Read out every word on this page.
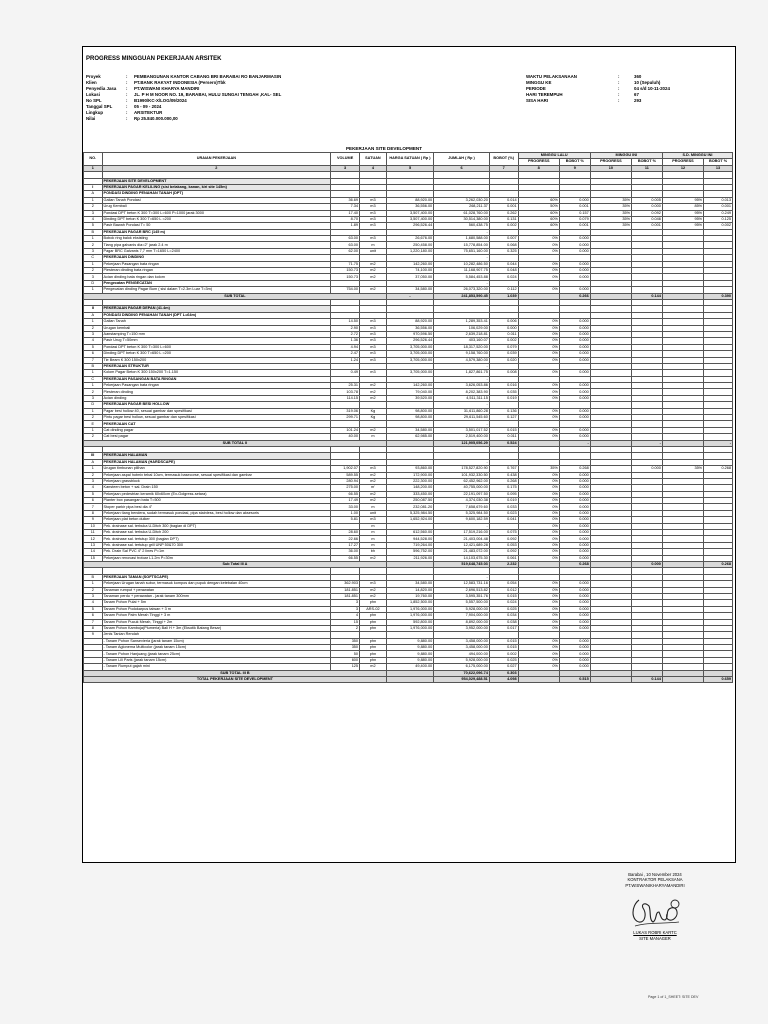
PROGRESS MINGGUAN PEKERJAAN ARSITEK
Proyek	:	PEMBANGUNAN KANTOR CABANG BRI BARABAI RO BANJARMASIN
Klien	:	PT.BANK RAKYAT INDONESIA (Persero)Tbk
Penyedia Jasa	:	PT.WISWANI KHARYA MANDIRI
Lokasi	:	JL. P H M NOOR NO. 19, BARABAI, HULU SUNGAI TENGAH ,KAL- SEL
No SPL	:	B1990/KC-X/LOG/09/2024
Tanggal SPL	:	05 - 09 - 2024
Lingkup	:	ARSITEKTUR
Nilai	:	Rp 25.840.000.000,00
WAKTU PELAKSANAAN	:	360
MINGGU KE	:	10 (Sepuluh)
PERIODE	:	04 s/d 10-11-2024
HARI TEREMPUH	:	67
SISA HARI	:	293
PEKERJAAN SITE DEVELOPMENT
NO.	URAIAN PEKERJAAN	VOLUME	SATUAN	HARGA SATUAN ( Rp )	JUMLAH ( Rp )	BOBOT (%)	MINGGU LALU		MINGGU INI		S.D. MINGGU INI	
							PROGRESS	BOBOT %	PROGRESS	BOBOT %	PROGRESS	BOBOT %
1	2	3	4	5	6	7	8	9	10	11	12	13

	PEKERJAAN SITE DEVELOPMENT											
I	PEKERJAAN PAGAR KELILING (sisi belakang, kanan, kiri site 145m)											
A	PONDASI DINDING PENAHAN TANAH (DPT)											
1	Galian Tanah Pondasi	36.69	m3	88,920.00	3,262,030.20	0.014	60%	0.000	35%	0.005	95%	0.013
2	Urug Kembali	7.34	m3	36,556.00	268,211.37	0.001	50%	0.001	35%	0.000	85%	0.001
3	Pondasi DPT beton K 300 T=300 L=600 P=1000 jarak 3000	17.40	m3	3,507,400.00	61,028,760.00	0.262	60%	0.157	35%	0.092	95%	0.249
4	Dinding DPT beton K 300 T=650 L =200	8.70	m3	3,507,400.00	30,514,380.00	0.131	60%	0.079	35%	0.046	95%	0.125
5	Pasir Bawah Pondasi T= 50	1.89	m3	296,526.44	560,438.75	0.002	60%	0.001	35%	0.001	95%	0.002
B	PEKERJAAN PAGAR BRC (145 m)				-							
1	Bobok ring balok eksisting	63.00	m3	26,676.00	1,680,588.00	0.007	0%	0.000				
2	Tiang pipa galvanis dia=2" jarak 2.4 m	63.00	m	250,458.00	15,778,854.00	0.068	0%	0.000				
3	Pagar BRC Galvanis 7,7 mm T=1650 L=2400	62.00	unit	1,220,180.00	75,651,160.00	0.325	0%	0.000				
C	PEKERJAAN DINDING				-							
1	Pekerjaan Pasangan bata ringan	71.75	m2	142,260.00	10,282,486.50	0.044	0%	0.000				
2	Plesteran dinding bata ringan	150.73	m2	74,100.00	11,168,907.75	0.048	0%	0.000				
3	Acian dinding bata ringan dan kolom	150.73	m2	37,050.00	5,584,453.88	0.024	0%	0.000				
D	Pengecatan PENGECATAN				-							
1	Pengecatan dinding Pagar Bum ( sisi dalam T=2.3m Luar T=3m)	754.00	m2	34,580.00	26,073,320.00	0.112	0%	0.000				
SUB TOTAL				-	241,853,590.45	1.039		0.266		0.144		0.390

II	PEKERJAAN PAGAR DEPAN (41.4m)											
A	PONDASI DINDING PENAHAN TANAH (DPT L=64m)											
1	Galian Tanah	14.50	m3	88,920.00	1,289,353.41	0.006	0%	0.000				
2	Urugan kembali	2.90	m3	36,556.00	106,029.00	0.000	0%	0.000				
3	Aanstamping T=150 mm	2.72	m3	970,596.50	2,639,218.81	0.011	0%	0.000				
4	Pasir Urug T=50mm	1.36	m3	296,526.44	403,160.07	0.002	0%	0.000				
5	Pondasi DPT beton K 300 T=300 L=600	4.94	m3	3,705,000.00	18,317,520.00	0.079	0%	0.000				
6	Dinding DPT beton K 300 T=650 L =200	2.47	m3	3,705,000.00	9,158,760.00	0.039	0%	0.000				
7	Tie Beam K 300 150x200	1.24	m3	3,705,000.00	4,579,380.00	0.020	0%	0.000				
B	PEKERJAAN STRUKTUR				-							
1	Kolom Pagar Beton K 300 150x200 T=1.150	0.49	m3	3,705,000.00	1,827,861.75	0.008	0%	0.000				
C	PEKERJAAN PASANGAN BATA RINGAN				-							
1	Pekerjaan Pasangan bata ringan	25.31	m2	142,260.00	3,626,053.86	0.016	0%	0.000				
2	Plesteran dinding	103.78	m2	79,040.00	8,202,383.90	0.035	0%	0.000				
3	Acian dinding	114.15	m2	39,520.00	4,511,311.15	0.019	0%	0.000				
D	PEKERJAAN PAGAR BESI HOLLOW				-							
1	Pagar besi hollow 40, sesuai gambar dan spesifikasi	319.06	Kg	98,800.00	31,611,860.28	0.136	0%	0.000				
2	Pintu pagar besi hollow, sesuai gambar dan spesifikasi	299.71	Kg	98,800.00	29,611,545.60	0.127	0%	0.000				
E	PEKERJAAN CAT				-							
1	Cat dinding pagar	101.24	m2	34,580.00	3,501,017.52	0.015	0%	0.000				
2	Cat besi pagar	40.00	m	62,985.00	2,519,400.00	0.011	0%	0.000				
SUB TOTAL II					121,905,056.29	0.524		-		-		-

III	PEKERJAAN HALAMAN											
A	PEKERJAAN HALAMAN (HARDSCAPE)				-							
1	Urugan timbunan pilihan	1,902.07	m3	93,860.00	178,527,820.90	0.767	35%	0.268		0.000	35%	0.268
2	Pekerjaan aspal hotmix tebal 10cm, termasuk basecorse, sesuai spesifikasi dan gambar	589.55	m2	172,900.00	101,932,330.50	0.438	0%	0.000				
3	Pekerjaan grassblock	280.94	m2	222,300.00	62,452,962.00	0.268	0%	0.000				
4	Kansteen beton + sal. Drain 150	275.00	m'	148,200.00	40,755,000.00	0.175	0%	0.000				
5	Pekerjaan pedestrian keramik 60x60cm (Ex-Golgress-setara)	66.55	m2	333,450.00	22,191,097.50	0.095	0%	0.000				
6	Planter box pasangan bata T=500	17.49	m2	250,087.50	4,374,030.38	0.019	0%	0.000				
7	Stoper parkir pipa besi dia 4"	33.00	m	232,081.20	7,658,679.60	0.033	0%	0.000				
8	Pekerjaan tiang bendera, sudah termasuk pondasi, pipa stainless, besi hollow dan aksesoris	1.00	unit	5,325,984.50	5,325,984.50	0.023	0%	0.000				
9	Pekerjaan plat beton duiker	5.81	m3	1,652,924.00	9,600,182.59	0.041	0%	0.000				
10	Pek. drainase sal. terbuka U-Ditch 300 (bagian di DPT)		m		-		0%	0.000				
11	Pek. drainase sal. terbuka U-Ditch 200	28.60	m	612,560.00	17,519,216.00	0.075	0%	0.000				
12	Pek. drainase sal. tertutup 300 (bagian DPT)	22.66	m	944,528.00	21,403,004.48	0.092	0%	0.000				
13	Pek. drainase sal. tertutup grill UNP 50&70 300	17.27	m	719,264.00	12,421,689.28	0.053	0%	0.000				
14	Pek. Drain Sal PVC 4" 2 lines P=1m	36.00	bh	596,752.00	21,483,072.00	0.092	0%	0.000				
15	Pekerjaan renovasi trotoar L1.2m P=30m	66.55	m2	211,926.00	14,103,675.30	0.061	0%	0.000				
Sub Total III A					519,648,745.03	2.232		0.268		0.000		0.268

B	PEKERJAAN TAMAN (SOFTSCAPE)				-							
1	Pekerjaan Urugan tanah subur, termasuk kompos dan pupuk dengan ketebalan 40cm	362.903	m3	34,580.00	12,583,731.16	0.054	0%	0.000				
2	Tanaman rumput + perawatan	181.851	m2	14,820.00	2,696,513.82	0.012	0%	0.000				
3	Tanaman perdu + perawatan - jarak tanam 300mm	181.851	m2	19,760.00	3,595,351.76	0.015	0%	0.000				
4	Tanam Pohon Pulai + 5m	3	phn	1,852,500.00	5,557,500.00	0.024	0%	0.000				
5	Tanam Pohon Podokarpus taiwan + 3 m	3	ARS-02	1,976,000.00	5,928,000.00	0.025	0%	0.000				
6	Tanam Pohon Palm Merah Tinggi + 3 m	4	phn	1,976,000.00	7,904,000.00	0.034	0%	0.000				
7	Tanam Pohon Pucuk Merah, Tinggi + 2m	15	phn	592,800.00	8,892,000.00	0.038	0%	0.000				
8	Tanam Pohon Kamboja(Plumeria) Bali H + 3m (Eksotik Batang Besar)	2	phn	1,976,000.00	3,952,000.00	0.017	0%	0.000				
9	Jenis Tanian Rendah											
	- Tanam Pohon Sansevieria (jarak tanam 15cm)	350	phn	9,880.00	3,458,000.00	0.015	0%	0.000				
	- Tanam Aglonema Multicolor (jarak tanam 15cm)	350	phn	9,880.00	3,458,000.00	0.015	0%	0.000				
	- Tanam Pohon Hanjuang (jarak tanam 25cm)	50	phn	9,880.00	494,000.00	0.002	0%	0.000				
	- Tanam Lili Paris (jarak tanam 15cm)	600	phn	9,880.00	5,928,000.00	0.025	0%	0.000				
	- Tanam Rumput gajah mini	125	m2	49,400.00	6,175,000.00	0.027	0%	0.000				
SUB TOTAL III B					70,622,096.74	0.303						
TOTAL PEKERJAAN SITE DEVELOPMENT					954,029,488.51	4.098		0.515		0.144		0.659
Barabai , 10 November 2024
KONTRAKTOR PELAKSANA
PT.WISWANIKHARYAMANDIRI
LUKAS ROBRI KARTC
SITE MANAGER
Page 1 of 1_SHEET: SITE DEV
